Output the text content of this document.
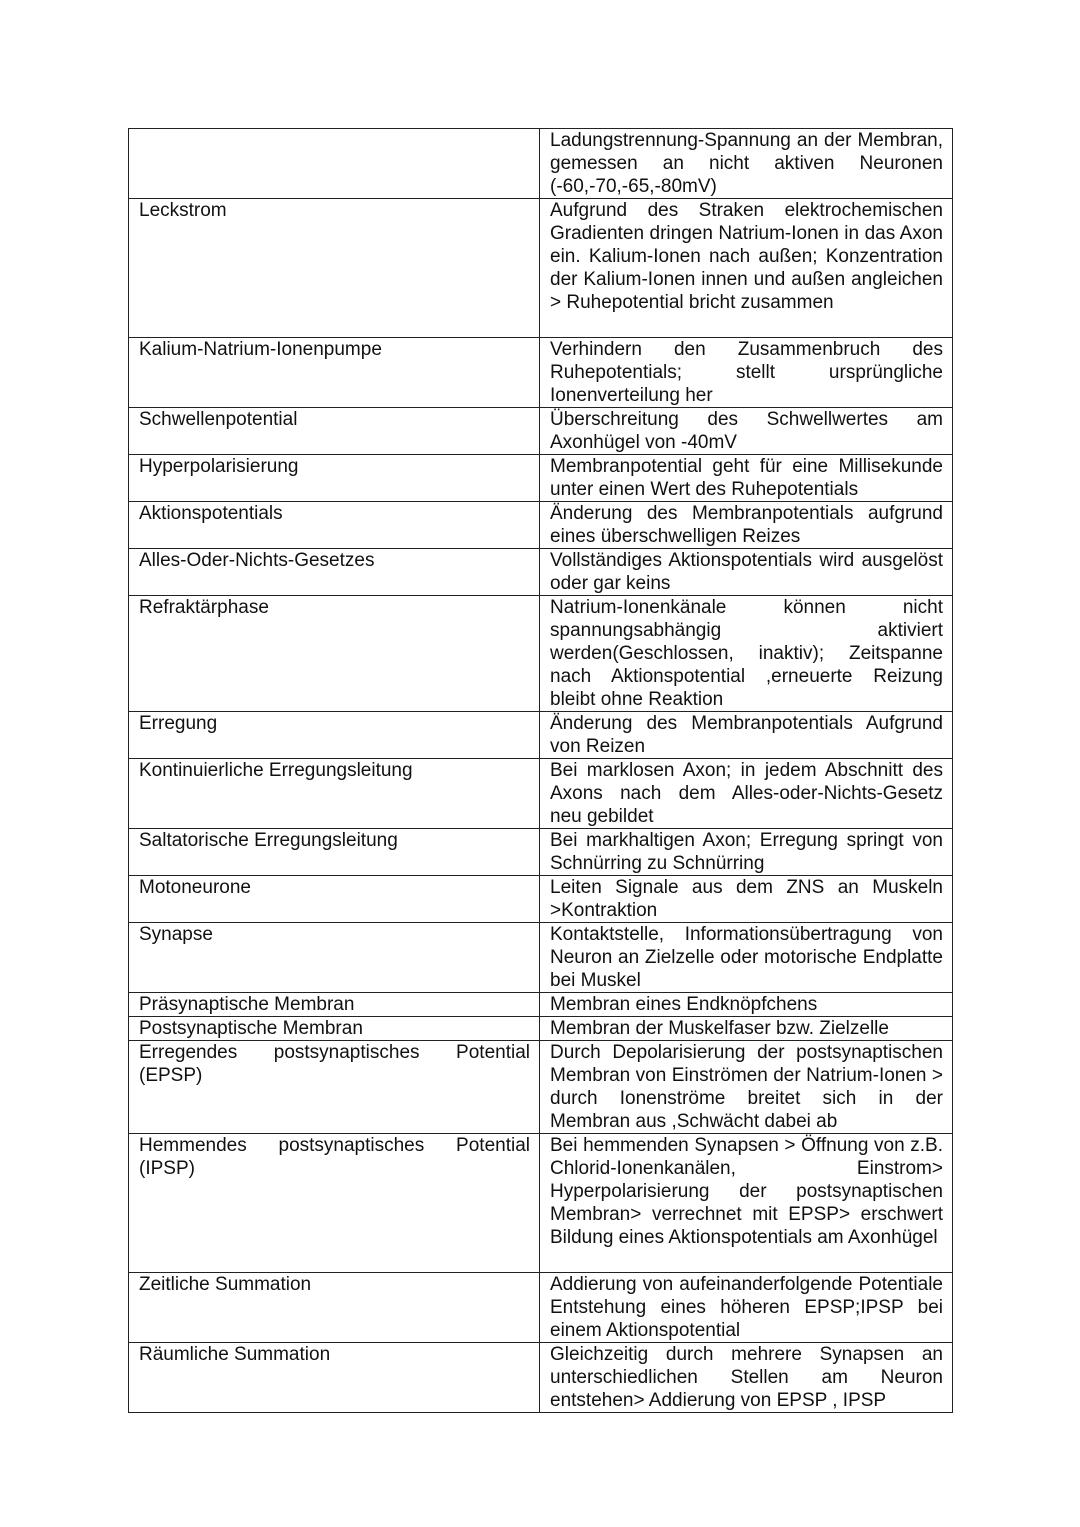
	Ladungstrennung-Spannung an der Membran, gemessen an nicht aktiven Neuronen (-60,-70,-65,-80mV)
Leckstrom	Aufgrund des Straken elektrochemischen Gradienten dringen Natrium-Ionen in das Axon ein. Kalium-Ionen nach außen; Konzentration der Kalium-Ionen innen und außen angleichen > Ruhepotential bricht zusammen
Kalium-Natrium-Ionenpumpe	Verhindern den Zusammenbruch des Ruhepotentials; stellt ursprüngliche Ionenverteilung her
Schwellenpotential	Überschreitung des Schwellwertes am Axonhügel von -40mV
Hyperpolarisierung	Membranpotential geht für eine Millisekunde unter einen Wert des Ruhepotentials
Aktionspotentials	Änderung des Membranpotentials aufgrund eines überschwelligen Reizes
Alles-Oder-Nichts-Gesetzes	Vollständiges Aktionspotentials wird ausgelöst oder gar keins
Refraktärphase	Natrium-Ionenkänale können nicht spannungsabhängig aktiviert werden(Geschlossen, inaktiv); Zeitspanne nach Aktionspotential ,erneuerte Reizung bleibt ohne Reaktion
Erregung	Änderung des Membranpotentials Aufgrund von Reizen
Kontinuierliche Erregungsleitung	Bei marklosen Axon; in jedem Abschnitt des Axons nach dem Alles-oder-Nichts-Gesetz neu gebildet
Saltatorische Erregungsleitung	Bei markhaltigen Axon; Erregung springt von Schnürring zu Schnürring
Motoneurone	Leiten Signale aus dem ZNS an Muskeln >Kontraktion
Synapse	Kontaktstelle, Informationsübertragung von Neuron an Zielzelle oder motorische Endplatte bei Muskel
Präsynaptische Membran	Membran eines Endknöpfchens
Postsynaptische Membran	Membran der Muskelfaser bzw. Zielzelle
Erregendes postsynaptisches Potential (EPSP)	Durch Depolarisierung der postsynaptischen Membran von Einströmen der Natrium-Ionen > durch Ionenströme breitet sich in der Membran aus ,Schwächt dabei ab
Hemmendes postsynaptisches Potential (IPSP)	Bei hemmenden Synapsen > Öffnung von z.B. Chlorid-Ionenkanälen, Einstrom> Hyperpolarisierung der postsynaptischen Membran> verrechnet mit EPSP> erschwert Bildung eines Aktionspotentials am Axonhügel
Zeitliche Summation	Addierung von aufeinanderfolgende Potentiale Entstehung eines höheren EPSP;IPSP bei einem Aktionspotential
Räumliche Summation	Gleichzeitig durch mehrere Synapsen an unterschiedlichen Stellen am Neuron entstehen> Addierung von EPSP , IPSP
